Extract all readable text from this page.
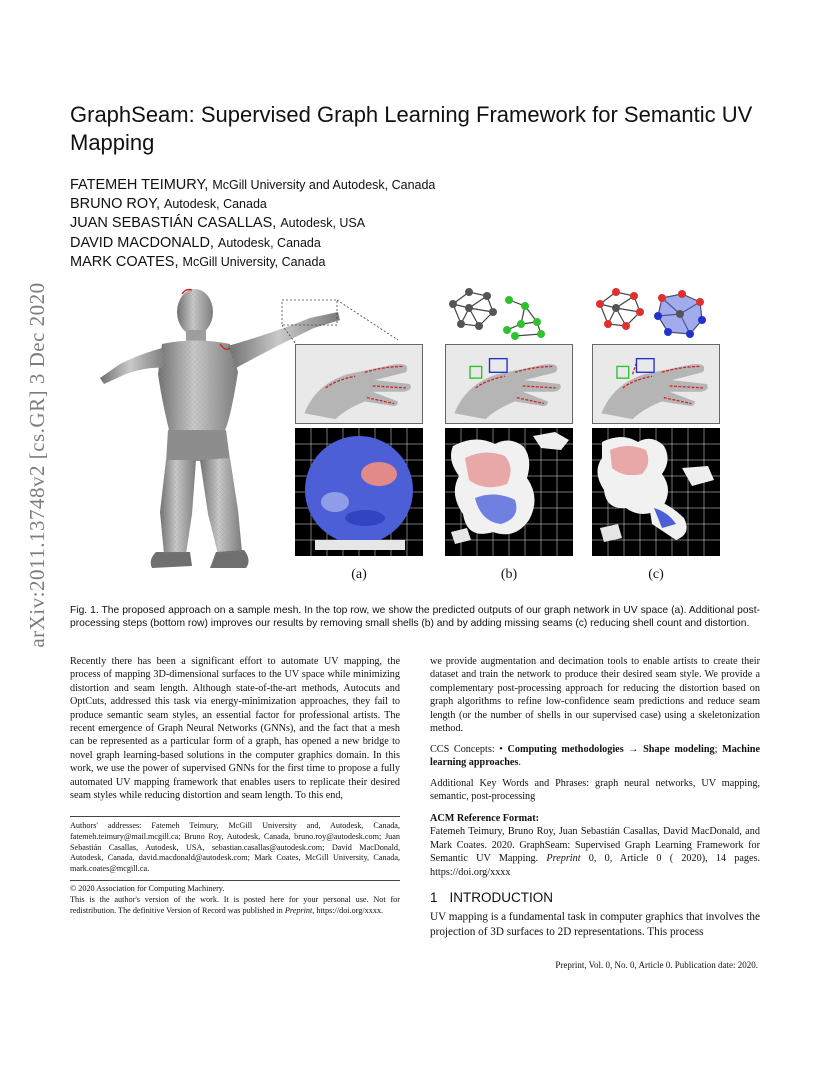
arXiv:2011.13748v2 [cs.GR] 3 Dec 2020
GraphSeam: Supervised Graph Learning Framework for Semantic UV Mapping
FATEMEH TEIMURY, McGill University and Autodesk, Canada
BRUNO ROY, Autodesk, Canada
JUAN SEBASTIÁN CASALLAS, Autodesk, USA
DAVID MACDONALD, Autodesk, Canada
MARK COATES, McGill University, Canada
(a)	(b)	(c)
Fig. 1. The proposed approach on a sample mesh. In the top row, we show the predicted outputs of our graph network in UV space (a). Additional post-processing steps (bottom row) improves our results by removing small shells (b) and by adding missing seams (c) reducing shell count and distortion.

Recently there has been a significant effort to automate UV mapping, the process of mapping 3D-dimensional surfaces to the UV space while minimizing distortion and seam length. Although state-of-the-art methods, Autocuts and OptCuts, addressed this task via energy-minimization approaches, they fail to produce semantic seam styles, an essential factor for professional artists. The recent emergence of Graph Neural Networks (GNNs), and the fact that a mesh can be represented as a particular form of a graph, has opened a new bridge to novel graph learning-based solutions in the computer graphics domain. In this work, we use the power of supervised GNNs for the first time to propose a fully automated UV mapping framework that enables users to replicate their desired seam styles while reducing distortion and seam length. To this end,

we provide augmentation and decimation tools to enable artists to create their dataset and train the network to produce their desired seam style. We provide a complementary post-processing approach for reducing the distortion based on graph algorithms to refine low-confidence seam predictions and reduce seam length (or the number of shells in our supervised case) using a skeletonization method.

CCS Concepts: • Computing methodologies → Shape modeling; Machine learning approaches.

Additional Key Words and Phrases: graph neural networks, UV mapping, semantic, post-processing

ACM Reference Format:

Fatemeh Teimury, Bruno Roy, Juan Sebastián Casallas, David MacDonald, and Mark Coates. 2020. GraphSeam: Supervised Graph Learning Framework for Semantic UV Mapping. Preprint 0, 0, Article 0 ( 2020), 14 pages. https://doi.org/xxxx

Authors' addresses: Fatemeh Teimury, McGill University and, Autodesk, Canada, fatemeh.teimury@mail.mcgill.ca; Bruno Roy, Autodesk, Canada, bruno.roy@autodesk.com; Juan Sebastián Casallas, Autodesk, USA, sebastian.casallas@autodesk.com; David MacDonald, Autodesk, Canada, david.macdonald@autodesk.com; Mark Coates, McGill University, Canada, mark.coates@mcgill.ca.

© 2020 Association for Computing Machinery.

This is the author's version of the work. It is posted here for your personal use. Not for redistribution. The definitive Version of Record was published in Preprint, https://doi.org/xxxx.

1 INTRODUCTION

UV mapping is a fundamental task in computer graphics that involves the projection of 3D surfaces to 2D representations. This process

Preprint, Vol. 0, No. 0, Article 0. Publication date: 2020.
